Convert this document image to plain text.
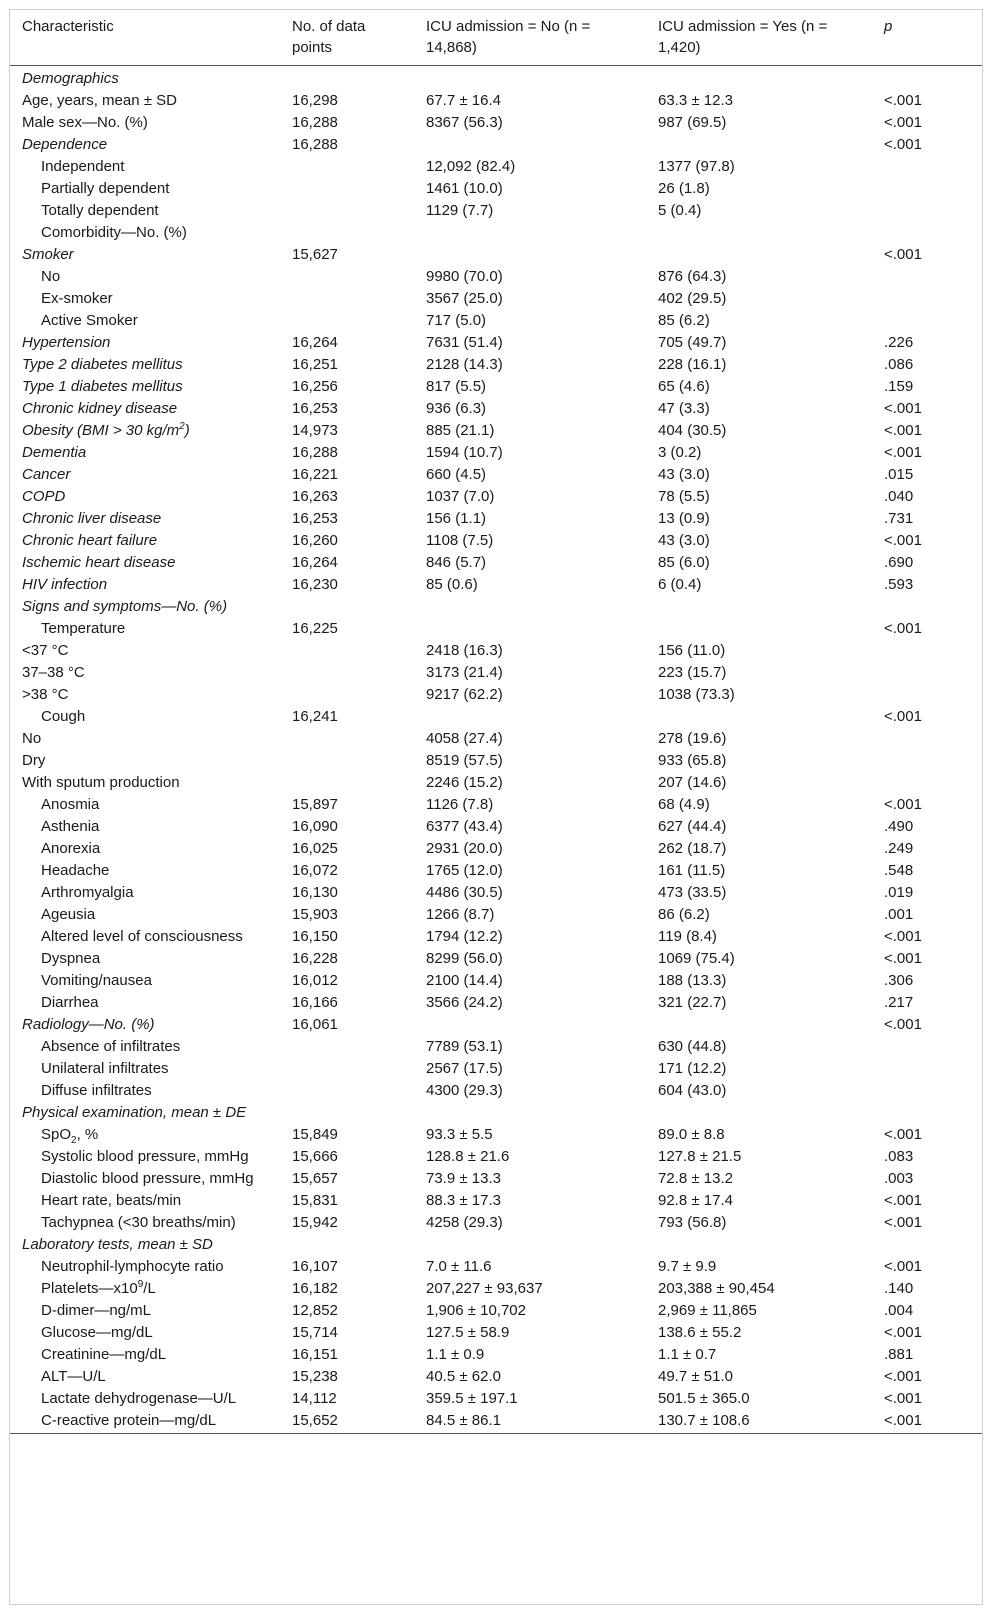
Characteristic	No. of data points	ICU admission = No (n = 14,868)	ICU admission = Yes (n = 1,420)	p
Demographics				
Age, years, mean ± SD	16,298	67.7 ± 16.4	63.3 ± 12.3	<.001
Male sex—No. (%)	16,288	8367 (56.3)	987 (69.5)	<.001
Dependence	16,288			<.001
Independent		12,092 (82.4)	1377 (97.8)	
Partially dependent		1461 (10.0)	26 (1.8)	
Totally dependent		1129 (7.7)	5 (0.4)	
Comorbidity—No. (%)				
Smoker	15,627			<.001
No		9980 (70.0)	876 (64.3)	
Ex-smoker		3567 (25.0)	402 (29.5)	
Active Smoker		717 (5.0)	85 (6.2)	
Hypertension	16,264	7631 (51.4)	705 (49.7)	.226
Type 2 diabetes mellitus	16,251	2128 (14.3)	228 (16.1)	.086
Type 1 diabetes mellitus	16,256	817 (5.5)	65 (4.6)	.159
Chronic kidney disease	16,253	936 (6.3)	47 (3.3)	<.001
Obesity (BMI > 30 $kg/m^2$)	14,973	885 (21.1)	404 (30.5)	<.001
Dementia	16,288	1594 (10.7)	3 (0.2)	<.001
Cancer	16,221	660 (4.5)	43 (3.0)	.015
COPD	16,263	1037 (7.0)	78 (5.5)	.040
Chronic liver disease	16,253	156 (1.1)	13 (0.9)	.731
Chronic heart failure	16,260	1108 (7.5)	43 (3.0)	<.001
Ischemic heart disease	16,264	846 (5.7)	85 (6.0)	.690
HIV infection	16,230	85 (0.6)	6 (0.4)	.593
Signs and symptoms—No. (%)				
Temperature	16,225			<.001
<37 °C		2418 (16.3)	156 (11.0)	
37–38 °C		3173 (21.4)	223 (15.7)	
>38 °C		9217 (62.2)	1038 (73.3)	
Cough	16,241			<.001
No		4058 (27.4)	278 (19.6)	
Dry		8519 (57.5)	933 (65.8)	
With sputum production		2246 (15.2)	207 (14.6)	
Anosmia	15,897	1126 (7.8)	68 (4.9)	<.001
Asthenia	16,090	6377 (43.4)	627 (44.4)	.490
Anorexia	16,025	2931 (20.0)	262 (18.7)	.249
Headache	16,072	1765 (12.0)	161 (11.5)	.548
Arthromyalgia	16,130	4486 (30.5)	473 (33.5)	.019
Ageusia	15,903	1266 (8.7)	86 (6.2)	.001
Altered level of consciousness	16,150	1794 (12.2)	119 (8.4)	<.001
Dyspnea	16,228	8299 (56.0)	1069 (75.4)	<.001
Vomiting/nausea	16,012	2100 (14.4)	188 (13.3)	.306
Diarrhea	16,166	3566 (24.2)	321 (22.7)	.217
Radiology—No. (%)	16,061			<.001
Absence of infiltrates		7789 (53.1)	630 (44.8)	
Unilateral infiltrates		2567 (17.5)	171 (12.2)	
Diffuse infiltrates		4300 (29.3)	604 (43.0)	
Physical examination, mean ± DE				
SpO$_2$, %	15,849	93.3 ± 5.5	89.0 ± 8.8	<.001
Systolic blood pressure, mmHg	15,666	128.8 ± 21.6	127.8 ± 21.5	.083
Diastolic blood pressure, mmHg	15,657	73.9 ± 13.3	72.8 ± 13.2	.003
Heart rate, beats/min	15,831	88.3 ± 17.3	92.8 ± 17.4	<.001
Tachypnea (<30 breaths/min)	15,942	4258 (29.3)	793 (56.8)	<.001
Laboratory tests, mean ± SD				
Neutrophil-lymphocyte ratio	16,107	7.0 ± 11.6	9.7 ± 9.9	<.001
$Platelets—x10^9/L$	16,182	207,227 ± 93,637	203,388 ± 90,454	.140
D-dimer—ng/mL	12,852	1,906 ± 10,702	2,969 ± 11,865	.004
Glucose—mg/dL	15,714	127.5 ± 58.9	138.6 ± 55.2	<.001
Creatinine—mg/dL	16,151	1.1 ± 0.9	1.1 ± 0.7	.881
ALT—U/L	15,238	40.5 ± 62.0	49.7 ± 51.0	<.001
Lactate dehydrogenase—U/L	14,112	359.5 ± 197.1	501.5 ± 365.0	<.001
C-reactive protein—mg/dL	15,652	84.5 ± 86.1	130.7 ± 108.6	<.001
